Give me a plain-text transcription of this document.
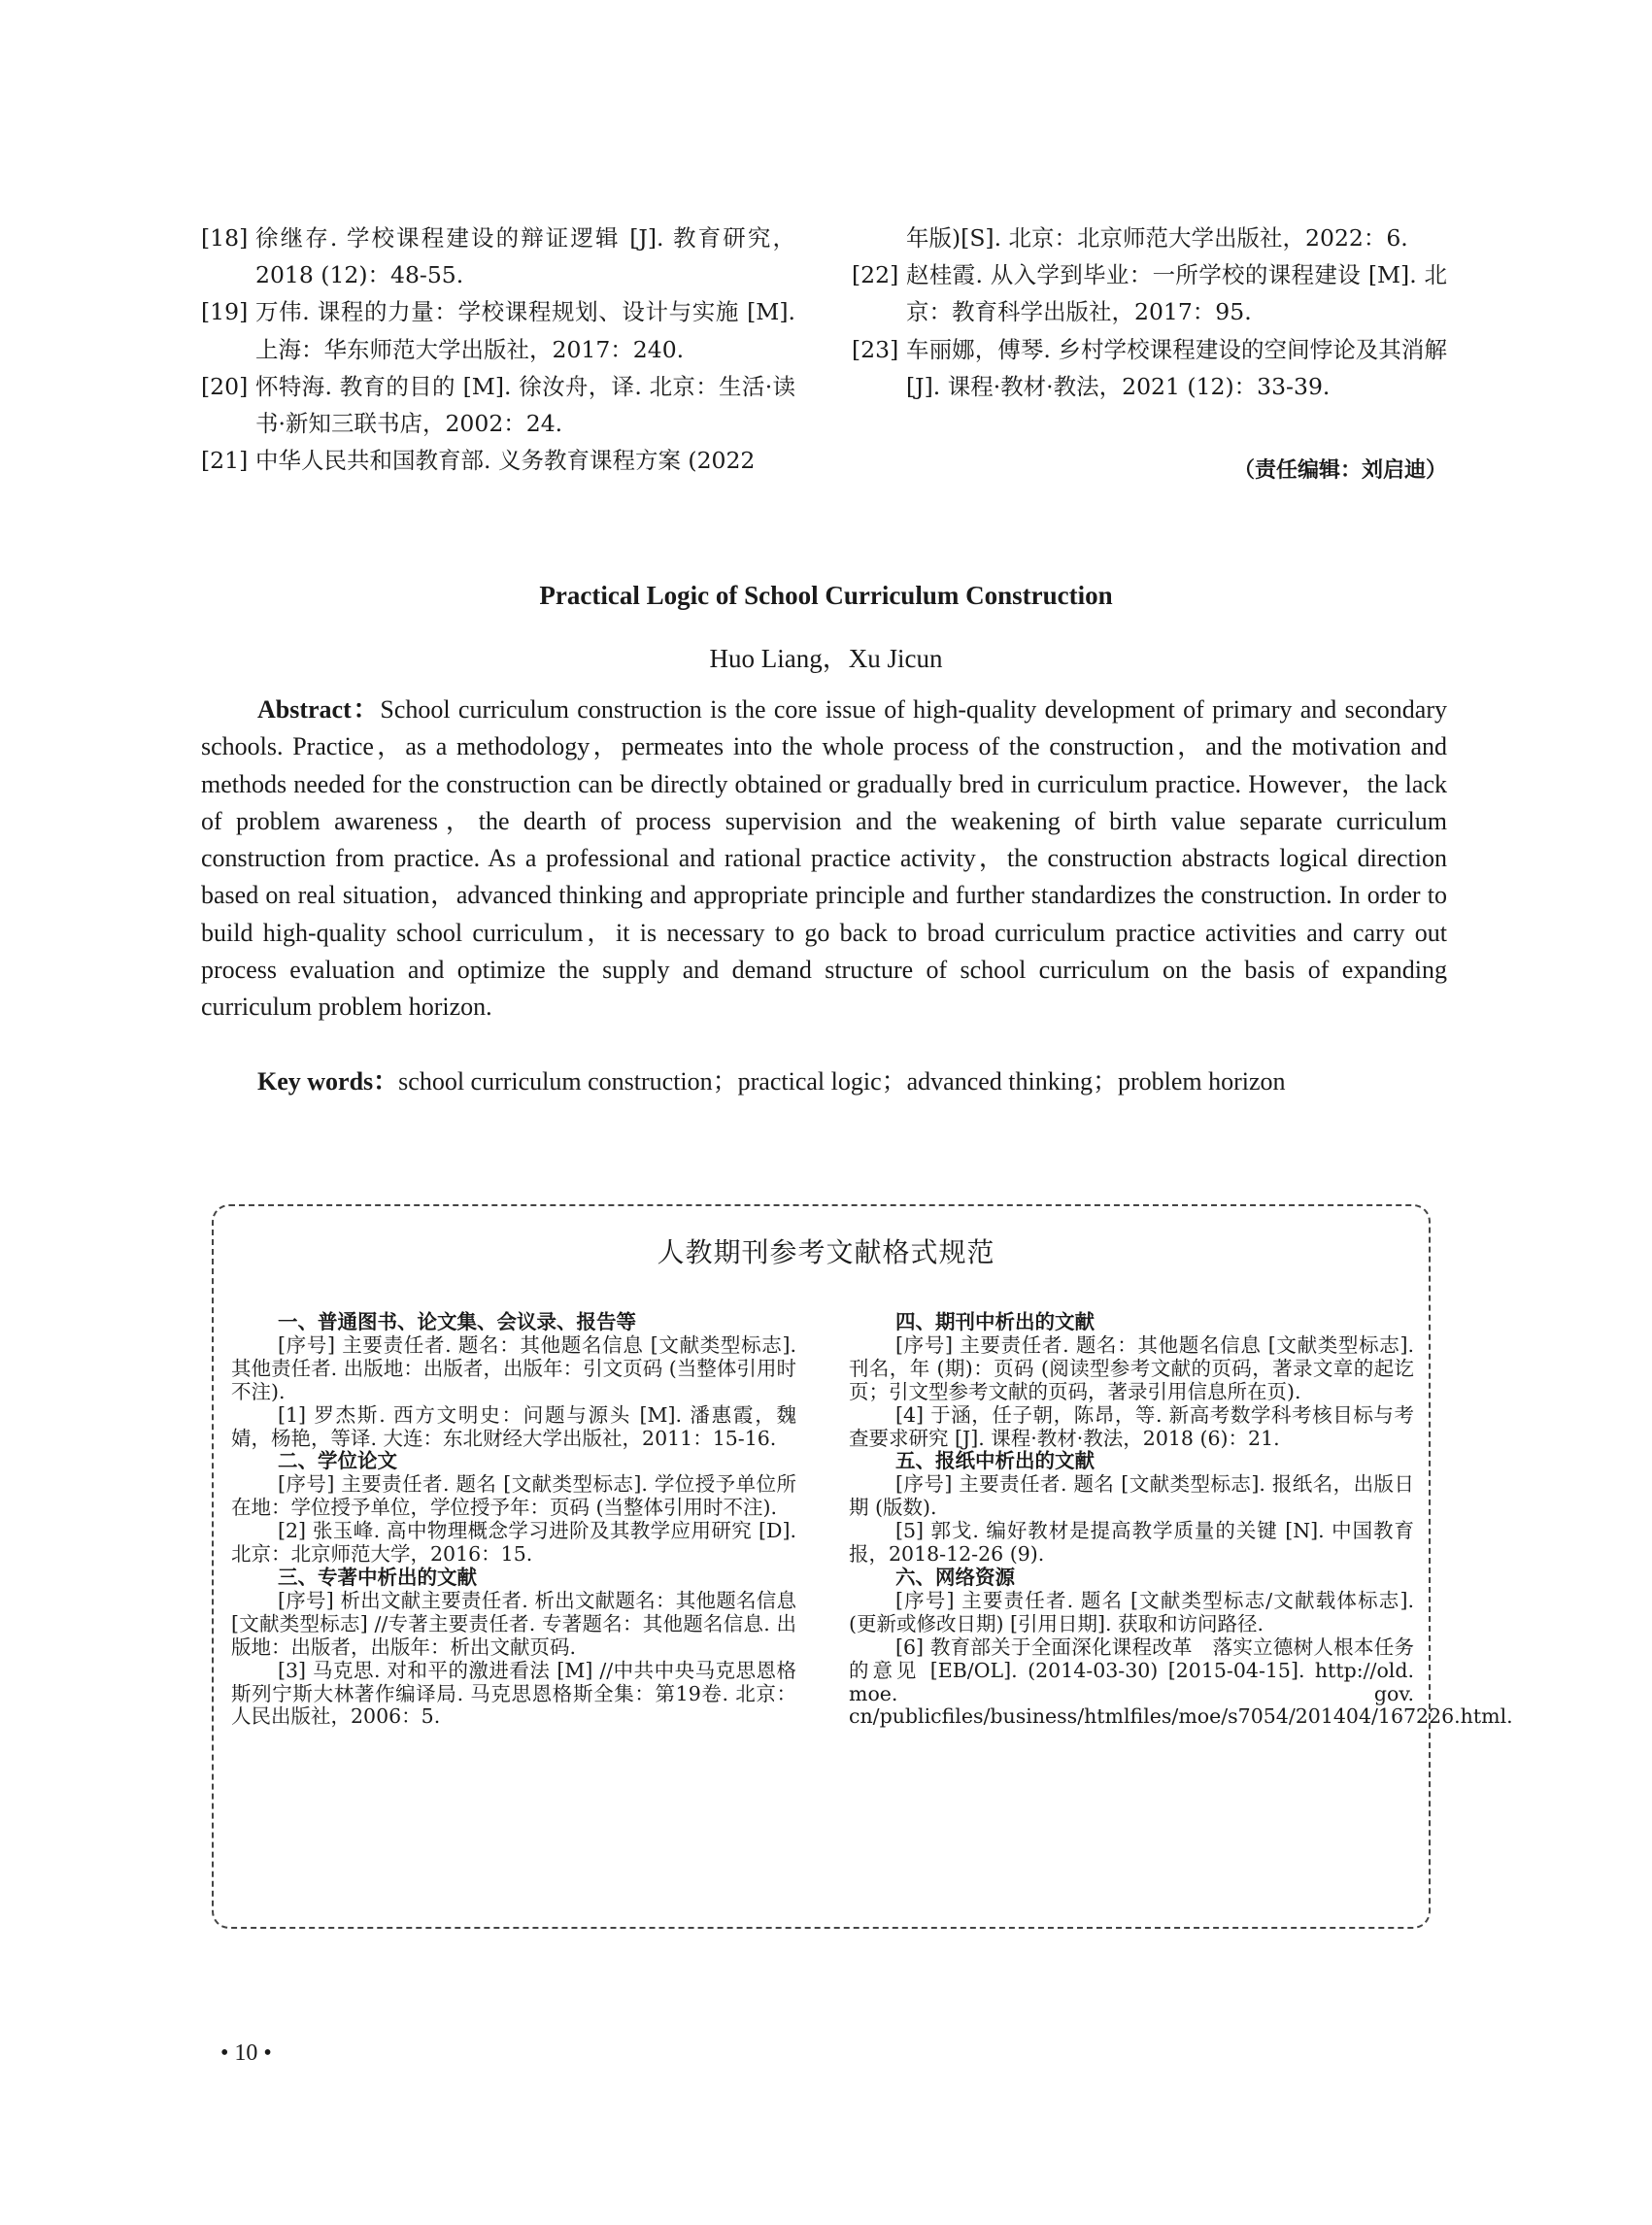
[18] 徐继存. 学校课程建设的辩证逻辑 [J]. 教育研究，2018 (12)：48-55.

[19] 万伟. 课程的力量：学校课程规划、设计与实施 [M]. 上海：华东师范大学出版社，2017：240.

[20] 怀特海. 教育的目的 [M]. 徐汝舟，译. 北京：生活·读书·新知三联书店，2002：24.

[21] 中华人民共和国教育部. 义务教育课程方案 (2022

年版)[S]. 北京：北京师范大学出版社，2022：6.

[22] 赵桂霞. 从入学到毕业：一所学校的课程建设 [M]. 北京：教育科学出版社，2017：95.

[23] 车丽娜，傅琴. 乡村学校课程建设的空间悖论及其消解 [J]. 课程·教材·教法，2021 (12)：33-39.

（责任编辑：刘启迪）
Practical Logic of School Curriculum Construction
Huo Liang，Xu Jicun

Abstract：School curriculum construction is the core issue of high-quality development of primary and secondary schools. Practice，as a methodology，permeates into the whole process of the construction，and the motivation and methods needed for the construction can be directly obtained or gradually bred in curriculum practice. However，the lack of problem awareness，the dearth of process supervision and the weakening of birth value separate curriculum construction from practice. As a professional and rational practice activity，the construction abstracts logical direction based on real situation，advanced thinking and appropriate principle and further standardizes the construction. In order to build high-quality school curriculum，it is necessary to go back to broad curriculum practice activities and carry out process evaluation and optimize the supply and demand structure of school curriculum on the basis of expanding curriculum problem horizon.

Key words：school curriculum construction；practical logic；advanced thinking；problem horizon

人教期刊参考文献格式规范
一、普通图书、论文集、会议录、报告等

[序号] 主要责任者. 题名：其他题名信息 [文献类型标志]. 其他责任者. 出版地：出版者，出版年：引文页码 (当整体引用时不注).

[1] 罗杰斯. 西方文明史：问题与源头 [M]. 潘惠霞，魏婧，杨艳，等译. 大连：东北财经大学出版社，2011：15-16.

二、学位论文

[序号] 主要责任者. 题名 [文献类型标志]. 学位授予单位所在地：学位授予单位，学位授予年：页码 (当整体引用时不注).

[2] 张玉峰. 高中物理概念学习进阶及其教学应用研究 [D]. 北京：北京师范大学，2016：15.

三、专著中析出的文献

[序号] 析出文献主要责任者. 析出文献题名：其他题名信息 [文献类型标志] //专著主要责任者. 专著题名：其他题名信息. 出版地：出版者，出版年：析出文献页码.

[3] 马克思. 对和平的激进看法 [M] //中共中央马克思恩格斯列宁斯大林著作编译局. 马克思恩格斯全集：第19卷. 北京：人民出版社，2006：5.

四、期刊中析出的文献

[序号] 主要责任者. 题名：其他题名信息 [文献类型标志]. 刊名，年 (期)：页码 (阅读型参考文献的页码，著录文章的起讫页；引文型参考文献的页码，著录引用信息所在页).

[4] 于涵，任子朝，陈昂，等. 新高考数学科考核目标与考查要求研究 [J]. 课程·教材·教法，2018 (6)：21.

五、报纸中析出的文献

[序号] 主要责任者. 题名 [文献类型标志]. 报纸名，出版日期 (版数).

[5] 郭戈. 编好教材是提高教学质量的关键 [N]. 中国教育报，2018-12-26 (9).

六、网络资源

[序号] 主要责任者. 题名 [文献类型标志/文献载体标志]. (更新或修改日期) [引用日期]. 获取和访问路径.

[6] 教育部关于全面深化课程改革　落实立德树人根本任务的意见 [EB/OL]. (2014-03-30) [2015-04-15]. http://old. moe. gov. cn/publicfiles/business/htmlfiles/moe/s7054/201404/167226.html.

• 10 •
